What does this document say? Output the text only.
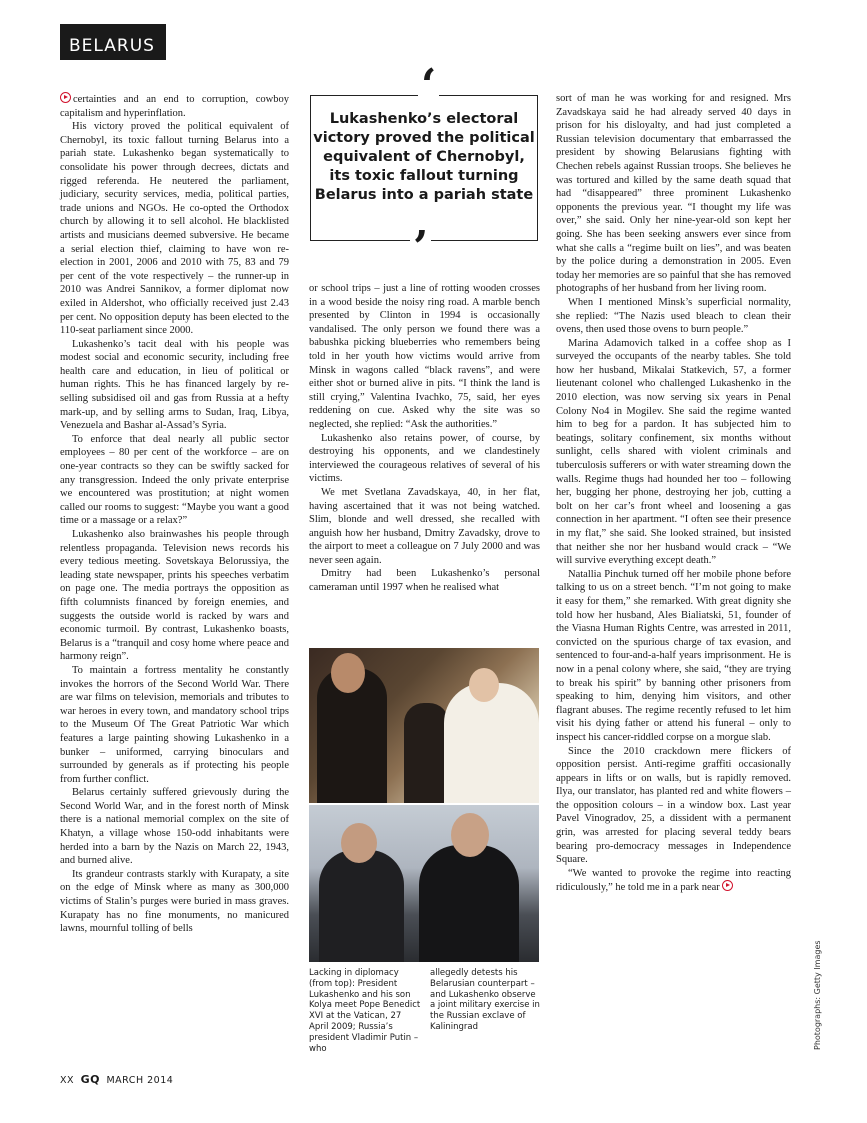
BELARUS

certainties and an end to corruption, cowboy capitalism and hyperinflation.

His victory proved the political equivalent of Chernobyl, its toxic fallout turning Belarus into a pariah state. Lukashenko began systematically to consolidate his power through decrees, dictats and rigged referenda. He neutered the parliament, judiciary, security services, media, political parties, trade unions and NGOs. He co-opted the Orthodox church by allowing it to sell alcohol. He blacklisted artists and musicians deemed subversive. He became a serial election thief, claiming to have won re-election in 2001, 2006 and 2010 with 75, 83 and 79 per cent of the vote respectively – the runner-up in 2010 was Andrei Sannikov, a former diplomat now exiled in Aldershot, who officially received just 2.43 per cent. No opposition deputy has been elected to the 110-seat parliament since 2000.

Lukashenko’s tacit deal with his people was modest social and economic security, including free health care and education, in lieu of political or human rights. This he has financed largely by re-selling subsidised oil and gas from Russia at a hefty mark-up, and by selling arms to Sudan, Iraq, Libya, Venezuela and Bashar al-Assad’s Syria.

To enforce that deal nearly all public sector employees – 80 per cent of the workforce – are on one-year contracts so they can be swiftly sacked for any transgression. Indeed the only private enterprise we encountered was prostitution; at night women called our rooms to suggest: “Maybe you want a good time or a massage or a relax?”

Lukashenko also brainwashes his people through relentless propaganda. Television news records his every tedious meeting. Sovetskaya Belorussiya, the leading state newspaper, prints his speeches verbatim on page one. The media portrays the opposition as fifth columnists financed by foreign enemies, and suggests the outside world is racked by wars and economic turmoil. By contrast, Lukashenko boasts, Belarus is a “tranquil and cosy home where peace and harmony reign”.

To maintain a fortress mentality he constantly invokes the horrors of the Second World War. There are war films on television, memorials and tributes to war heroes in every town, and mandatory school trips to the Museum Of The Great Patriotic War which features a large painting showing Lukashenko in a bunker – uniformed, carrying binoculars and surrounded by generals as if protecting his people from further conflict.

Belarus certainly suffered grievously during the Second World War, and in the forest north of Minsk there is a national memorial complex on the site of Khatyn, a village whose 150-odd inhabitants were herded into a barn by the Nazis on March 22, 1943, and burned alive.

Its grandeur contrasts starkly with Kurapaty, a site on the edge of Minsk where as many as 300,000 victims of Stalin’s purges were buried in mass graves. Kurapaty has no fine monuments, no manicured lawns, mournful tolling of bells

Lukashenko’s electoral victory proved the political equivalent of Chernobyl, its toxic fallout turning Belarus into a pariah state
‘
’

or school trips – just a line of rotting wooden crosses in a wood beside the noisy ring road. A marble bench presented by Clinton in 1994 is occasionally vandalised. The only person we found there was a babushka picking blueberries who remembers being told in her youth how victims would arrive from Minsk in wagons called “black ravens”, and were either shot or burned alive in pits. “I think the land is still crying,” Valentina Ivachko, 75, said, her eyes reddening on cue. Asked why the site was so neglected, she replied: “Ask the authorities.”

Lukashenko also retains power, of course, by destroying his opponents, and we clandestinely interviewed the courageous relatives of several of his victims.

We met Svetlana Zavadskaya, 40, in her flat, having ascertained that it was not being watched. Slim, blonde and well dressed, she recalled with anguish how her husband, Dmitry Zavadsky, drove to the airport to meet a colleague on 7 July 2000 and was never seen again.

Dmitry had been Lukashenko’s personal cameraman until 1997 when he realised what

Lacking in diplomacy (from top): President Lukashenko and his son Kolya meet Pope Benedict XVI at the Vatican, 27 April 2009; Russia’s president Vladimir Putin – who
allegedly detests his Belarusian counterpart – and Lukashenko observe a joint military exercise in the Russian exclave of Kaliningrad

sort of man he was working for and resigned. Mrs Zavadskaya said he had already served 40 days in prison for his disloyalty, and had just completed a Russian television documentary that embarrassed the president by showing Belarusians fighting with Chechen rebels against Russian troops. She believes he was tortured and killed by the same death squad that had “disappeared” three prominent Lukashenko opponents the previous year. “I thought my life was over,” she said. Only her nine-year-old son kept her going. She has been seeking answers ever since from what she calls a “regime built on lies”, and was beaten by the police during a demonstration in 2005. Even today her memories are so painful that she has removed photographs of her husband from her living room.

When I mentioned Minsk’s superficial normality, she replied: “The Nazis used bleach to clean their ovens, then used those ovens to burn people.”

Marina Adamovich talked in a coffee shop as I surveyed the occupants of the nearby tables. She told how her husband, Mikalai Statkevich, 57, a former lieutenant colonel who challenged Lukashenko in the 2010 election, was now serving six years in Penal Colony No4 in Mogilev. She said the regime wanted him to beg for a pardon. It has subjected him to beatings, solitary confinement, six months without sunlight, cells shared with violent criminals and tuberculosis sufferers or with water streaming down the walls. Regime thugs had hounded her too – following her, bugging her phone, destroying her job, cutting a bolt on her car’s front wheel and loosening a gas connection in her apartment. “I often see their presence in my flat,” she said. She looked strained, but insisted that neither she nor her husband would crack – “We will survive everything except death.”

Natallia Pinchuk turned off her mobile phone before talking to us on a street bench. “I’m not going to make it easy for them,” she remarked. With great dignity she told how her husband, Ales Bialiatski, 51, founder of the Viasna Human Rights Centre, was arrested in 2011, convicted on the spurious charge of tax evasion, and sentenced to four-and-a-half years imprisonment. He is now in a penal colony where, she said, “they are trying to break his spirit” by banning other prisoners from speaking to him, denying him visitors, and other flagrant abuses. The regime recently refused to let him visit his dying father or attend his funeral – only to inspect his cancer-riddled corpse on a morgue slab.

Since the 2010 crackdown mere flickers of opposition persist. Anti-regime graffiti occasionally appears in lifts or on walls, but is rapidly removed. Ilya, our translator, has planted red and white flowers – the opposition colours – in a window box. Last year Pavel Vinogradov, 25, a dissident with a permanent grin, was arrested for placing several teddy bears bearing pro-democracy messages in Independence Square.

“We wanted to provoke the regime into reacting ridiculously,” he told me in a park near

Photographs: Getty Images
XX GQ MARCH 2014
